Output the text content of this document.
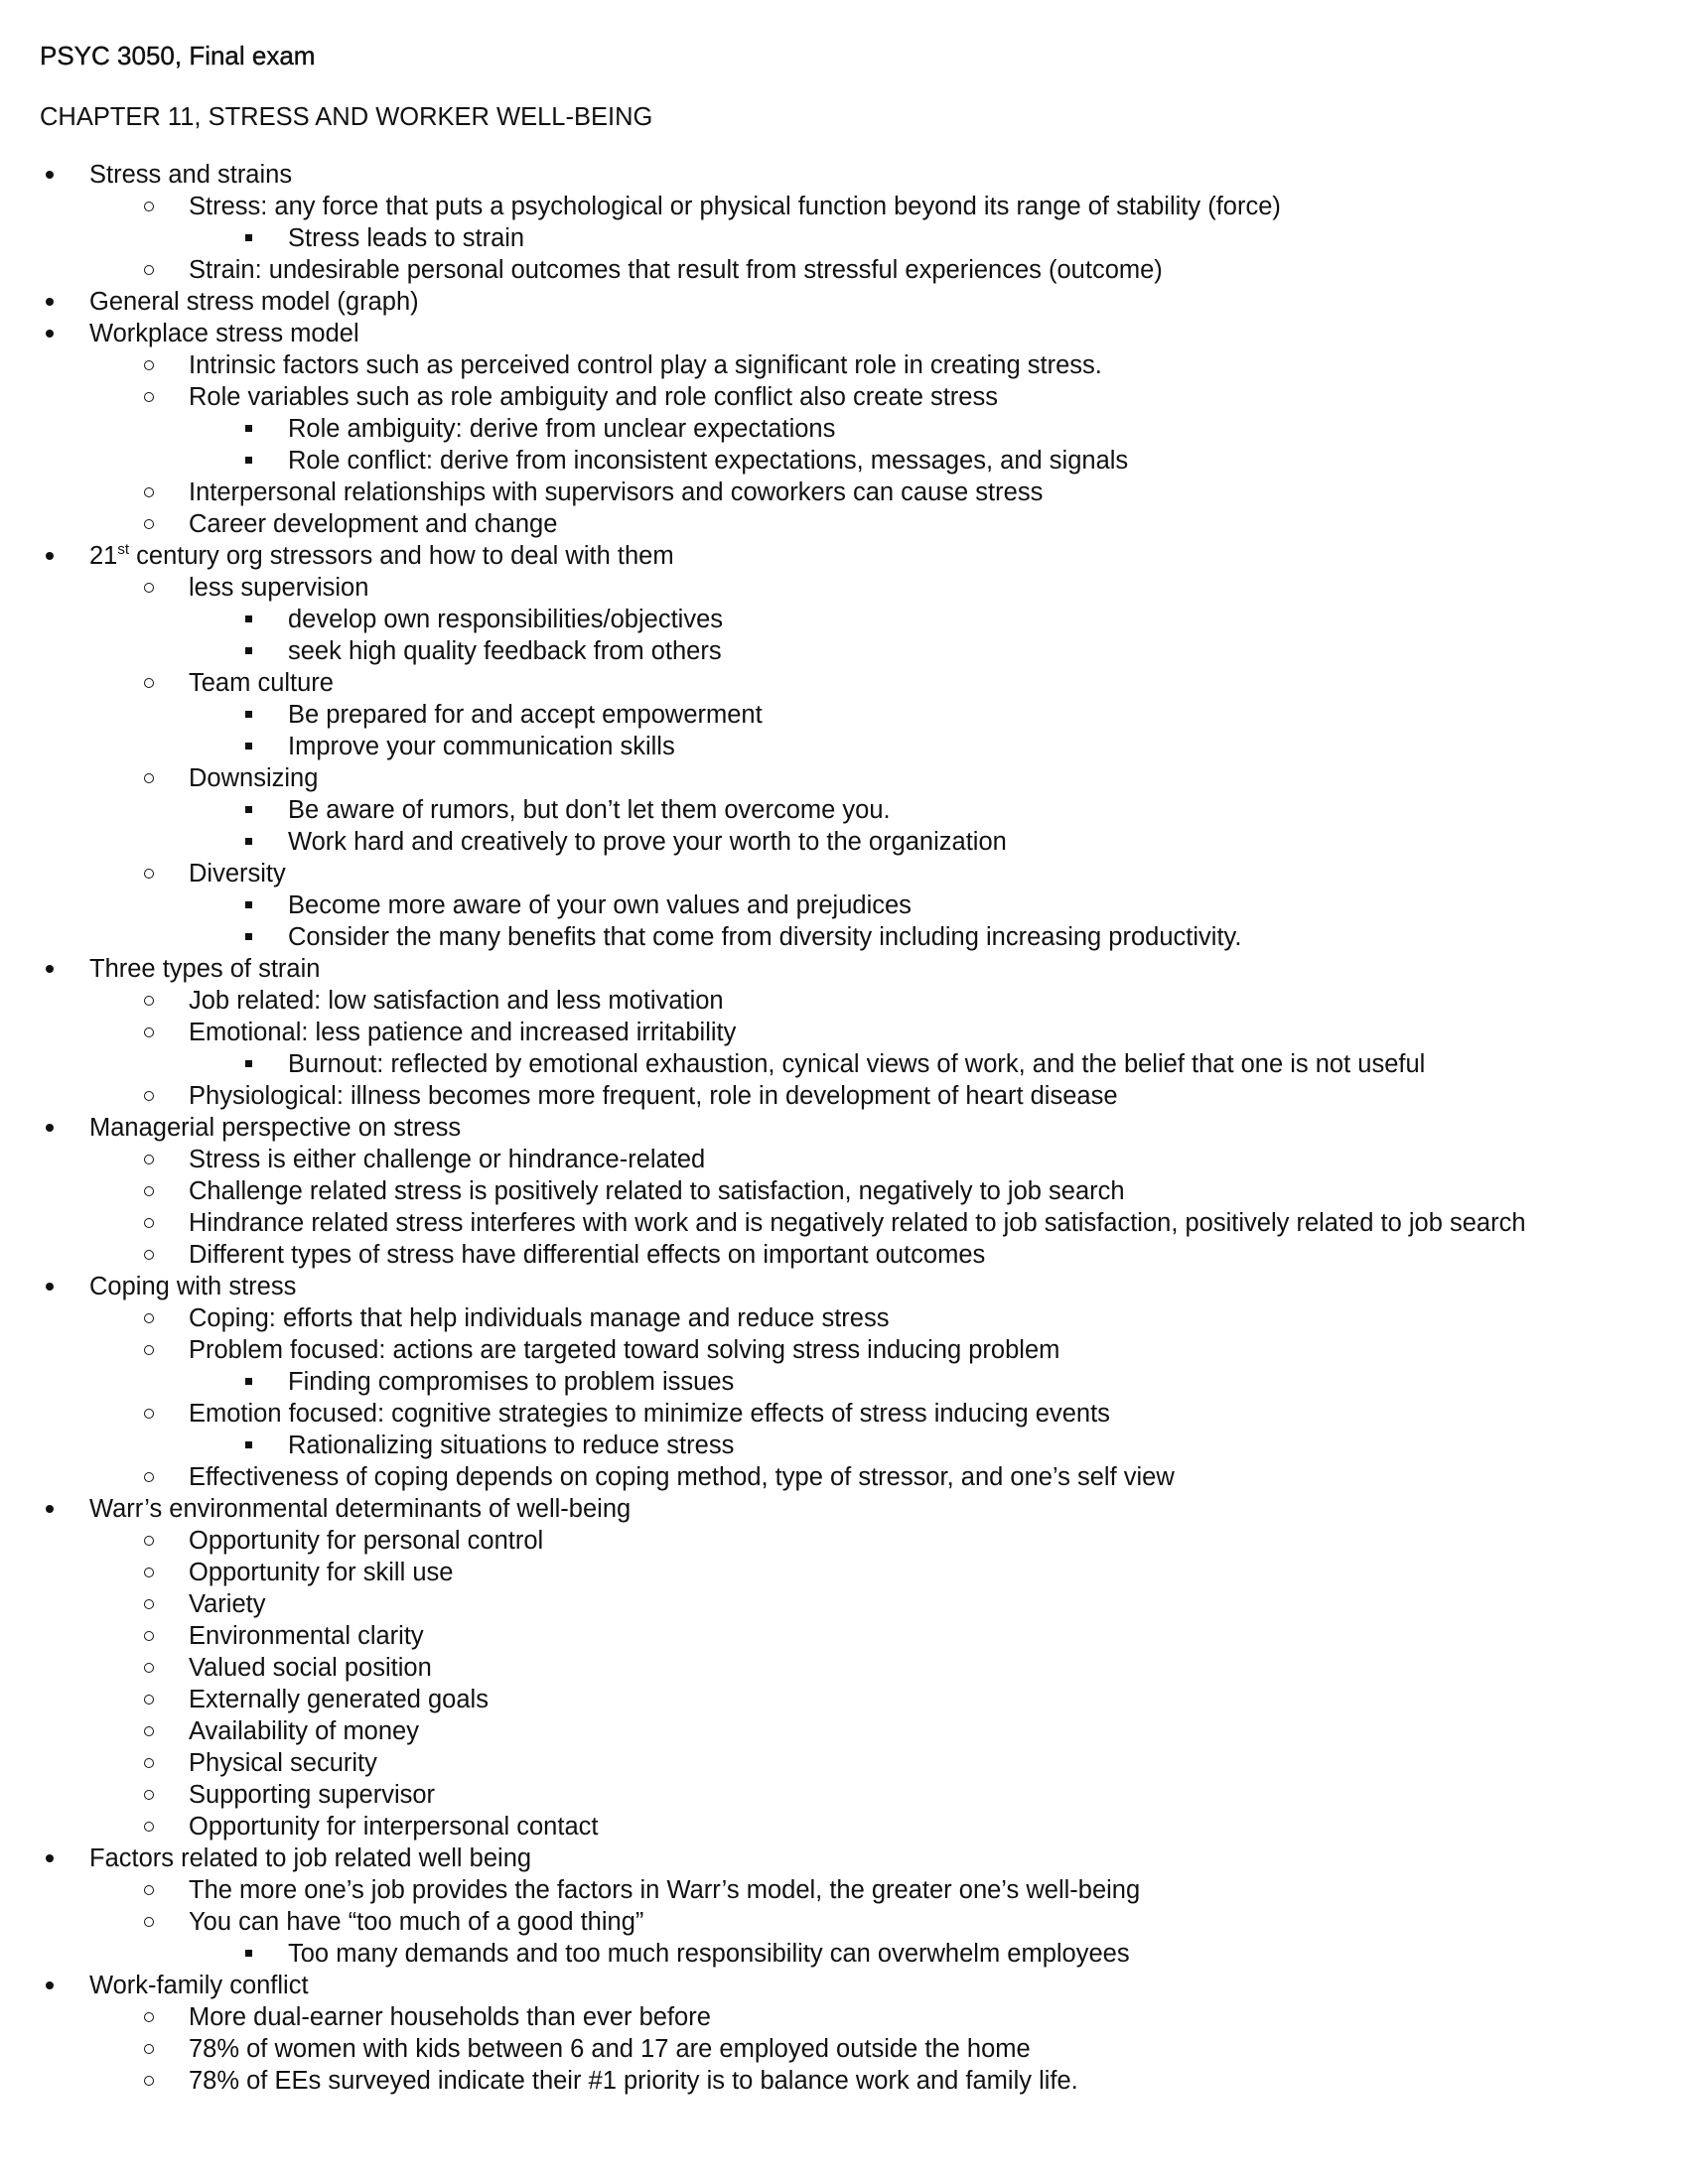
PSYC 3050, Final exam
CHAPTER 11, STRESS AND WORKER WELL-BEING
Stress and strains
Stress: any force that puts a psychological or physical function beyond its range of stability (force)
Stress leads to strain
Strain: undesirable personal outcomes that result from stressful experiences (outcome)
General stress model (graph)
Workplace stress model
Intrinsic factors such as perceived control play a significant role in creating stress.
Role variables such as role ambiguity and role conflict also create stress
Role ambiguity: derive from unclear expectations
Role conflict: derive from inconsistent expectations, messages, and signals
Interpersonal relationships with supervisors and coworkers can cause stress
Career development and change
21st century org stressors and how to deal with them
less supervision
develop own responsibilities/objectives
seek high quality feedback from others
Team culture
Be prepared for and accept empowerment
Improve your communication skills
Downsizing
Be aware of rumors, but don’t let them overcome you.
Work hard and creatively to prove your worth to the organization
Diversity
Become more aware of your own values and prejudices
Consider the many benefits that come from diversity including increasing productivity.
Three types of strain
Job related: low satisfaction and less motivation
Emotional: less patience and increased irritability
Burnout: reflected by emotional exhaustion, cynical views of work, and the belief that one is not useful
Physiological: illness becomes more frequent, role in development of heart disease
Managerial perspective on stress
Stress is either challenge or hindrance-related
Challenge related stress is positively related to satisfaction, negatively to job search
Hindrance related stress interferes with work and is negatively related to job satisfaction, positively related to job search
Different types of stress have differential effects on important outcomes
Coping with stress
Coping: efforts that help individuals manage and reduce stress
Problem focused: actions are targeted toward solving stress inducing problem
Finding compromises to problem issues
Emotion focused: cognitive strategies to minimize effects of stress inducing events
Rationalizing situations to reduce stress
Effectiveness of coping depends on coping method, type of stressor, and one’s self view
Warr’s environmental determinants of well-being
Opportunity for personal control
Opportunity for skill use
Variety
Environmental clarity
Valued social position
Externally generated goals
Availability of money
Physical security
Supporting supervisor
Opportunity for interpersonal contact
Factors related to job related well being
The more one’s job provides the factors in Warr’s model, the greater one’s well-being
You can have “too much of a good thing”
Too many demands and too much responsibility can overwhelm employees
Work-family conflict
More dual-earner households than ever before
78% of women with kids between 6 and 17 are employed outside the home
78% of EEs surveyed indicate their #1 priority is to balance work and family life.
